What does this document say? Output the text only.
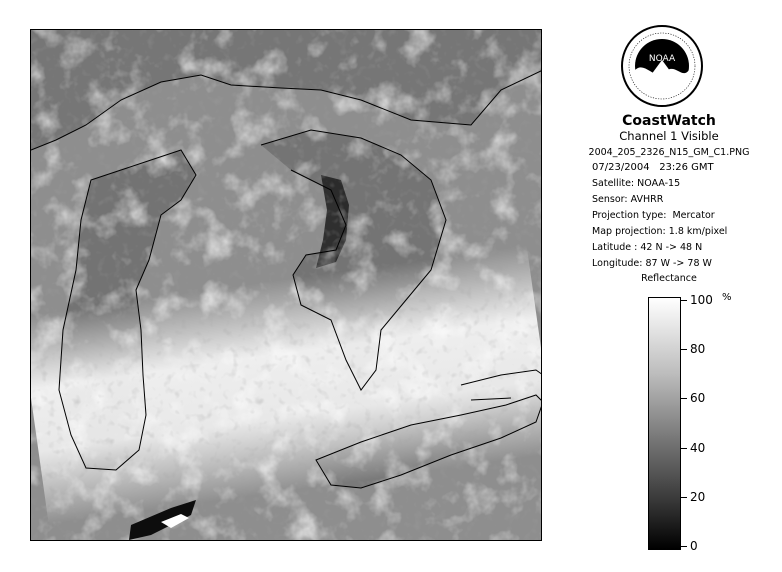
NOAA
CoastWatch
Channel 1 Visible
2004_205_2326_N15_GM_C1.PNG
07/23/2004 23:26 GMT
Satellite: NOAA-15
Sensor: AVHRR
Projection type: Mercator
Map projection: 1.8 km/pixel
Latitude : 42 N -> 48 N
Longitude: 87 W -> 78 W
Reflectance
%
100
80
60
40
20
0
